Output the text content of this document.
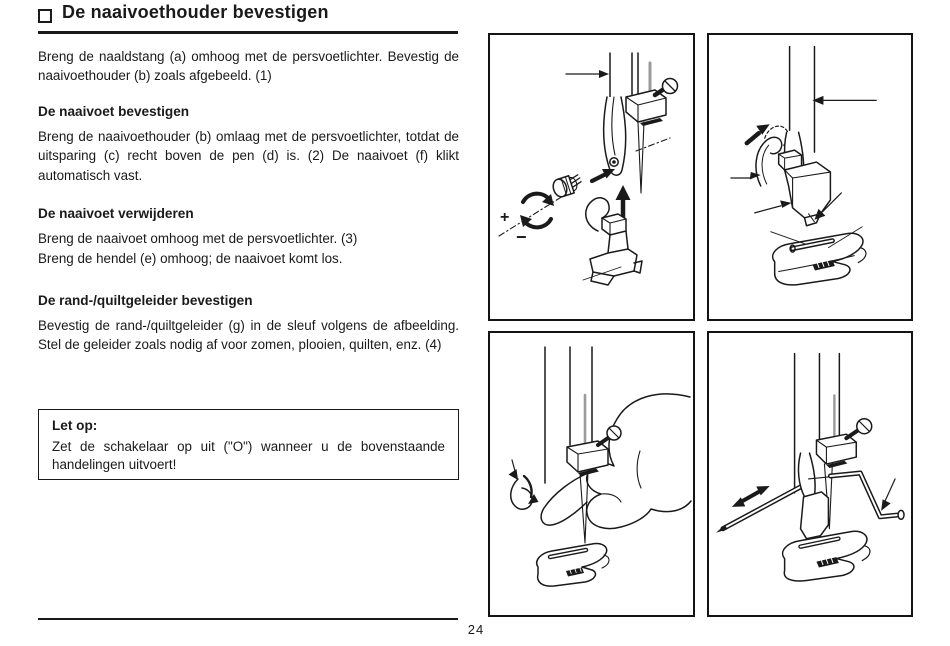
De naaivoethouder bevestigen

Breng de naaldstang (a) omhoog met de persvoetlichter. Bevestig de naaivoethouder (b) zoals afgebeeld. (1)

De naaivoet bevestigen

Breng de naaivoethouder (b) omlaag met de persvoetlichter, totdat de uitsparing (c) recht boven de pen (d) is. (2) De naaivoet (f) klikt automatisch vast.

De naaivoet verwijderen

Breng de naaivoet omhoog met de persvoetlichter. (3)

Breng de hendel (e) omhoog; de naaivoet komt los.

De rand-/quiltgeleider bevestigen

Bevestig de rand-/quiltgeleider (g) in de sleuf volgens de afbeelding. Stel de geleider zoals nodig af voor zomen, plooien, quilten, enz. (4)

Let op:

Zet de schakelaar op uit ("O") wanneer u de bovenstaande handelingen uitvoert!

24
+
−
